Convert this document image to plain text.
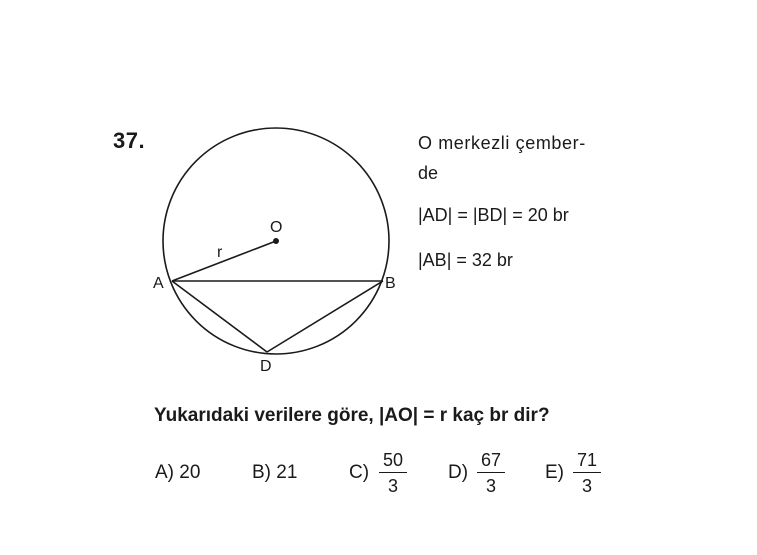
37.
O
r
A	B
D
O merkezli çember-
de
|AD| = |BD| = 20 br
|AB| = 32 br
Yukarıdaki verilere göre, |AO| = r kaç br dir?
A) 20	B) 21	$C) \frac{50}{3} D) \frac{67}{3} E) \frac{71}{3}$
